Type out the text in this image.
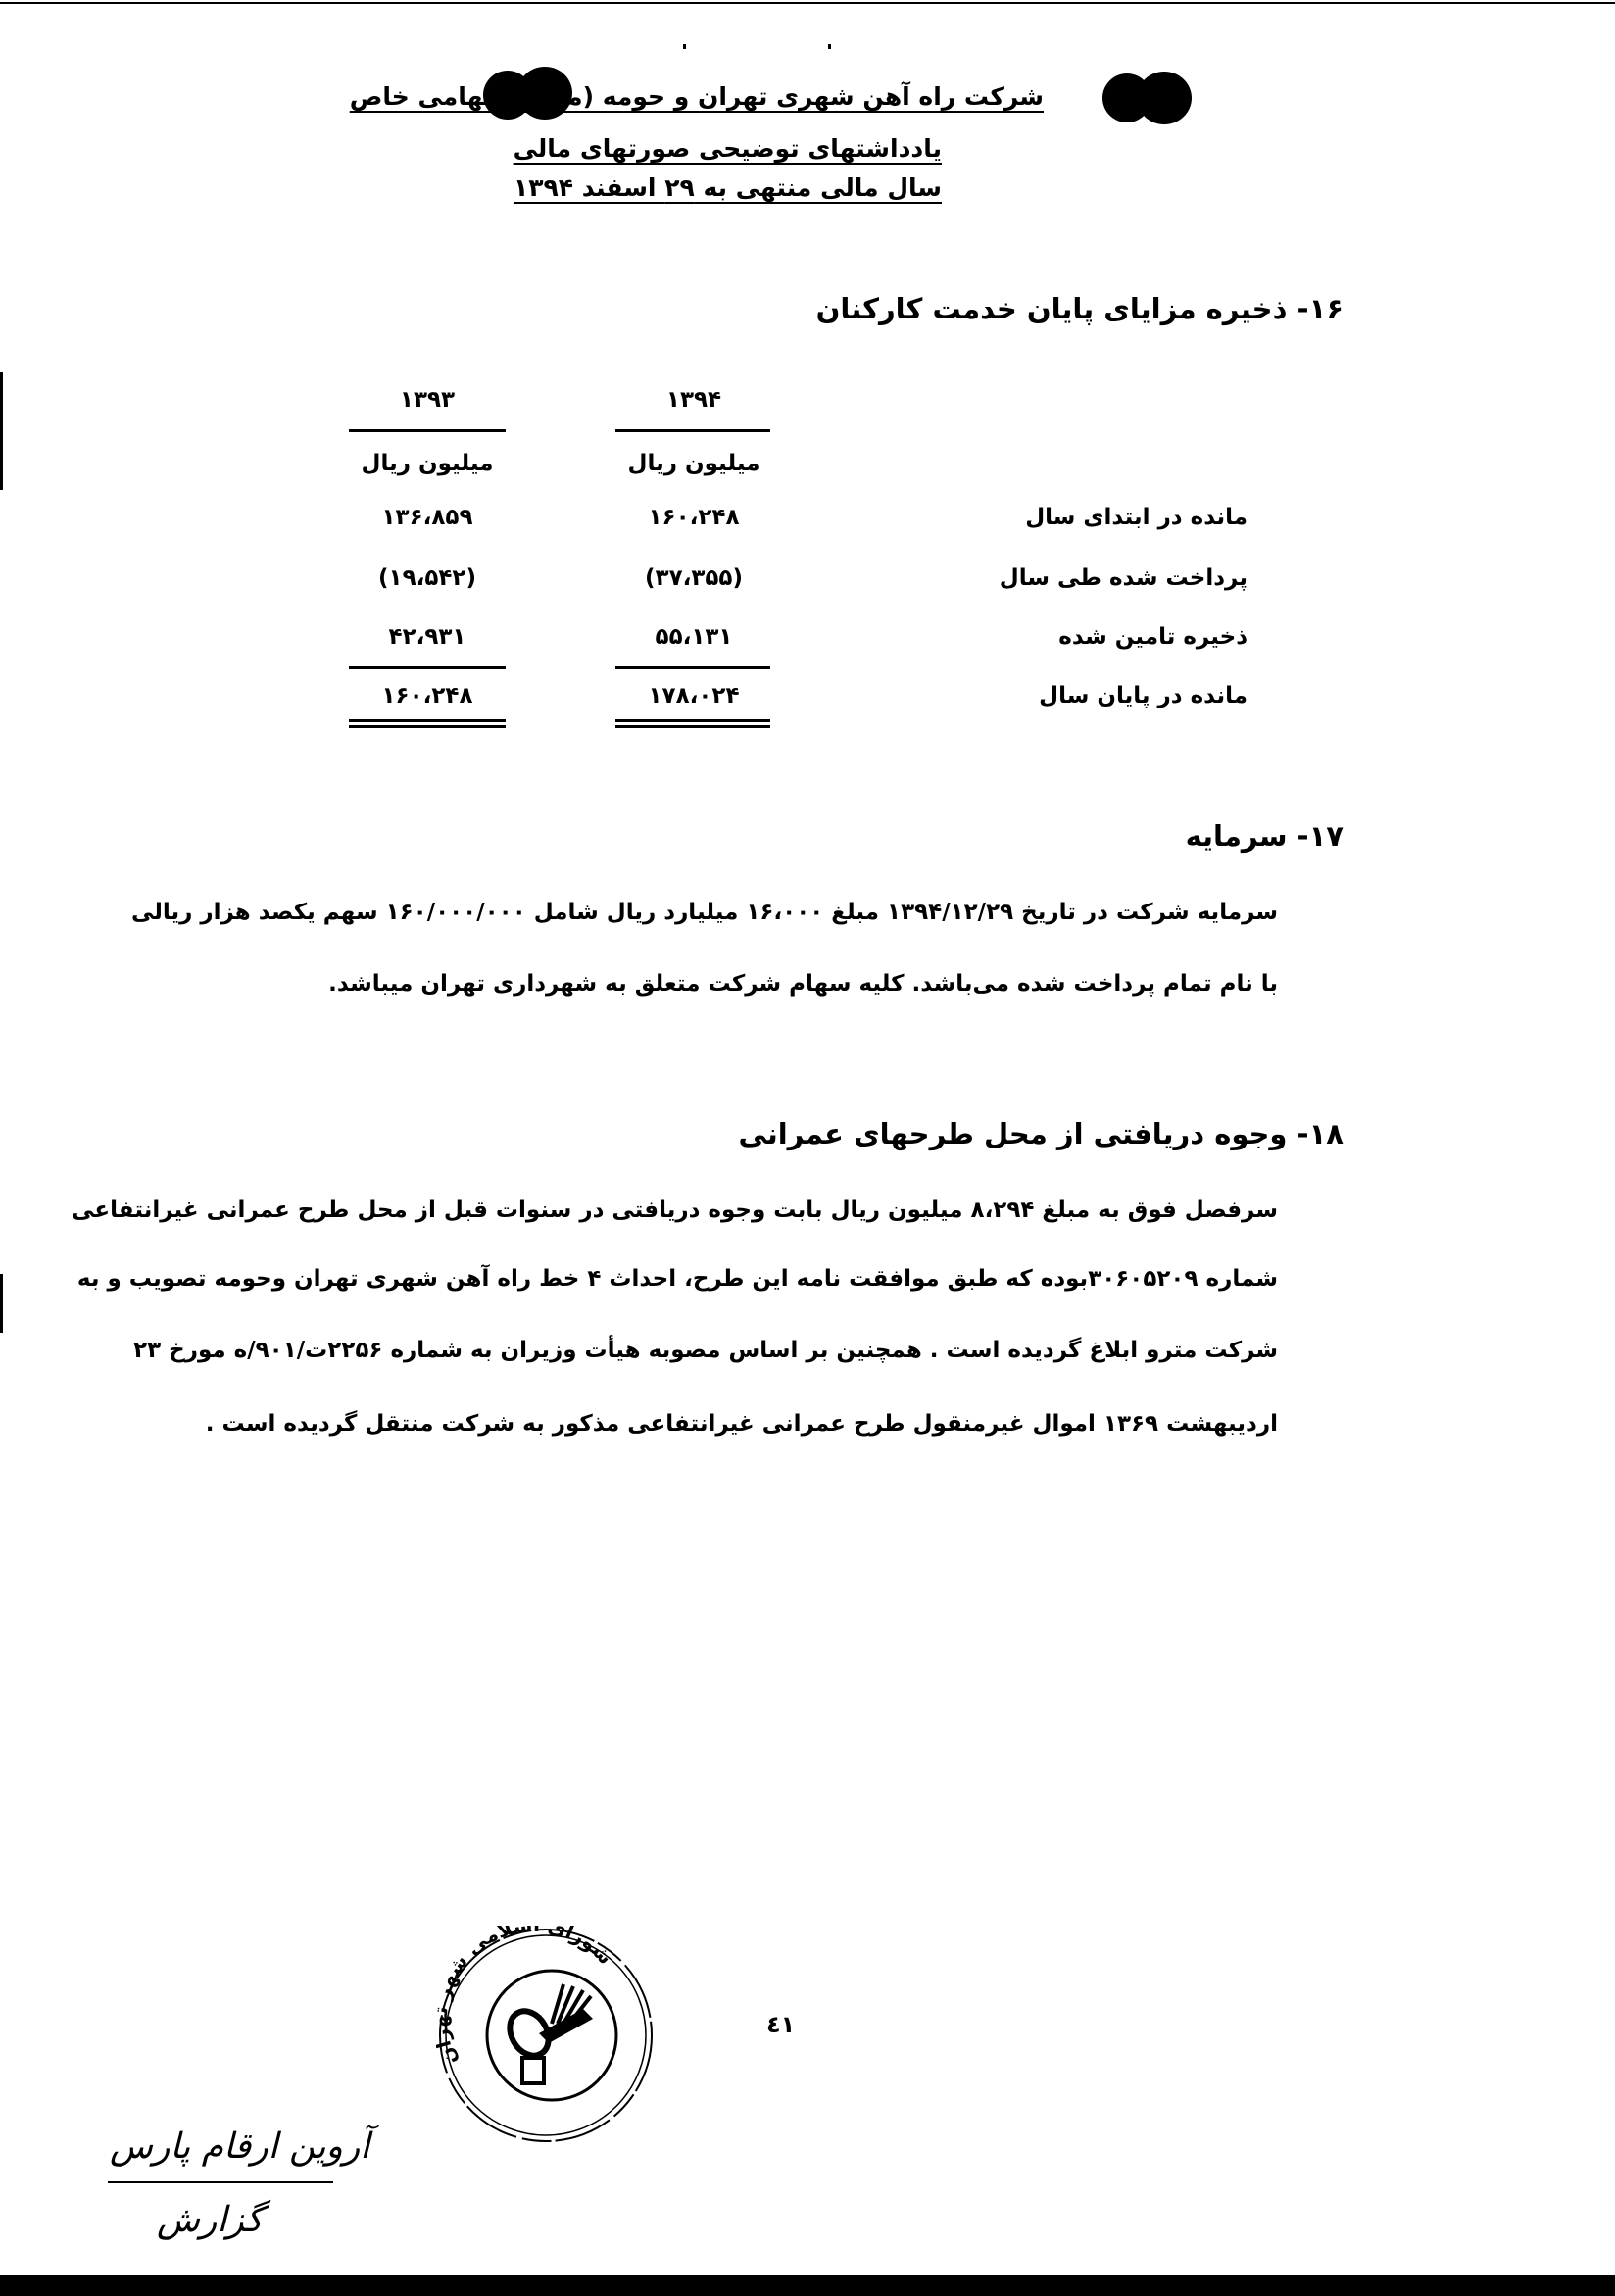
شرکت راه آهن شهری تهران و حومه (مترو) سهامی خاص
یادداشتهای توضیحی صورتهای مالی
سال مالی منتهی به ۲۹ اسفند ۱۳۹۴
۱۶- ذخیره مزایای پایان خدمت کارکنان
۱۳۹۴
۱۳۹۳
میلیون ریال
میلیون ریال
مانده در ابتدای سال
۱۶۰،۲۴۸
۱۳۶،۸۵۹
پرداخت شده طی سال
(۳۷،۳۵۵)
(۱۹،۵۴۲)
ذخیره تامین شده
۵۵،۱۳۱
۴۲،۹۳۱
مانده در پایان سال
۱۷۸،۰۲۴
۱۶۰،۲۴۸
۱۷- سرمایه
سرمایه شرکت در تاریخ ۱۳۹۴/۱۲/۲۹ مبلغ ۱۶،۰۰۰ میلیارد ریال شامل ۱۶۰/۰۰۰/۰۰۰ سهم یکصد هزار ریالی
با نام تمام پرداخت شده می‌باشد. کلیه سهام شرکت متعلق به شهرداری تهران میباشد.
۱۸- وجوه دریافتی از محل طرحهای عمرانی
سرفصل فوق به مبلغ ۸،۲۹۴ میلیون ریال بابت وجوه دریافتی در سنوات قبل از محل طرح عمرانی غیرانتفاعی
شماره ۳۰۶۰۵۲۰۹بوده که طبق موافقت نامه این طرح، احداث ۴ خط راه آهن شهری تهران وحومه تصویب و به
شرکت مترو ابلاغ گردیده است . همچنین بر اساس مصوبه هیأت وزیران به شماره ۲۲۵۶ت/۹۰۱/ه مورخ ۲۳
اردیبهشت ۱۳۶۹ اموال غیرمنقول طرح عمرانی غیرانتفاعی مذکور به شرکت منتقل گردیده است .
٤١
شورای اسلامی شه ن
آروین ارقام پارس
گزارش
